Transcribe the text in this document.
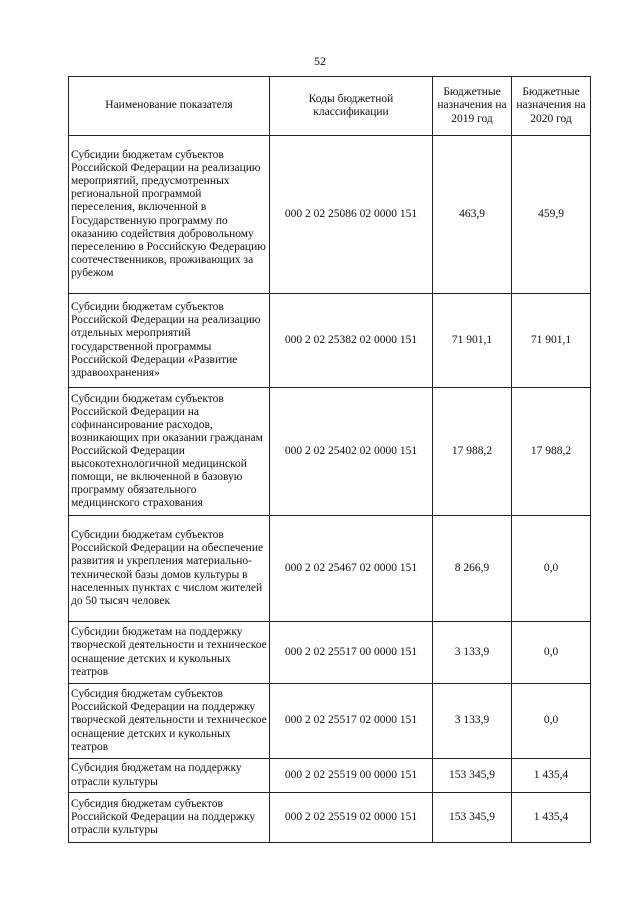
52
Наименование показателя	Коды бюджетной классификации	Бюджетные назначения на 2019 год	Бюджетные назначения на 2020 год
Субсидии бюджетам субъектов Российской Федерации на реализацию мероприятий, предусмотренных региональной программой переселения, включенной в Государственную программу по оказанию содействия добровольному переселению в Российскую Федерацию соотечественников, проживающих за рубежом	000 2 02 25086 02 0000 151	463,9	459,9
Субсидии бюджетам субъектов Российской Федерации на реализацию отдельных мероприятий государственной программы Российской Федерации «Развитие здравоохранения»	000 2 02 25382 02 0000 151	71 901,1	71 901,1
Субсидии бюджетам субъектов Российской Федерации на софинансирование расходов, возникающих при оказании гражданам Российской Федерации высокотехнологичной медицинской помощи, не включенной в базовую программу обязательного медицинского страхования	000 2 02 25402 02 0000 151	17 988,2	17 988,2
Субсидии бюджетам субъектов Российской Федерации на обеспечение развития и укрепления материально-технической базы домов культуры в населенных пунктах с числом жителей до 50 тысяч человек	000 2 02 25467 02 0000 151	8 266,9	0,0
Субсидии бюджетам на поддержку творческой деятельности и техническое оснащение детских и кукольных театров	000 2 02 25517 00 0000 151	3 133,9	0,0
Субсидия бюджетам субъектов Российской Федерации на поддержку творческой деятельности и техническое оснащение детских и кукольных театров	000 2 02 25517 02 0000 151	3 133,9	0,0
Субсидия бюджетам на поддержку отрасли культуры	000 2 02 25519 00 0000 151	153 345,9	1 435,4
Субсидия бюджетам субъектов Российской Федерации на поддержку отрасли культуры	000 2 02 25519 02 0000 151	153 345,9	1 435,4
